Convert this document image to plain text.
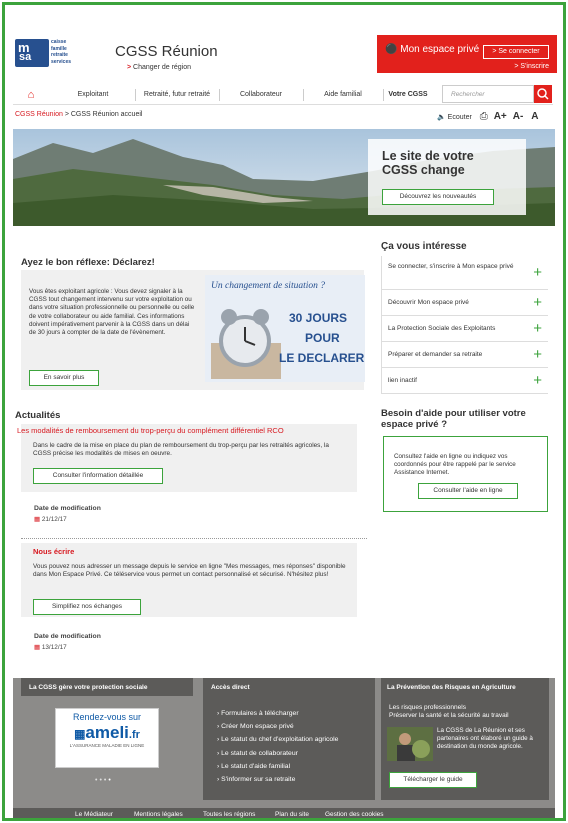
m
sa
caisse
famille
retraite
services
CGSS Réunion
> Changer de région
⚫ Mon espace privé	> Se connecter
> S'inscrire
⌂	Exploitant	Retraité, futur retraité	Collaborateur	Aide familial	Votre CGSS	Rechercher
CGSS Réunion > CGSS Réunion accueil	🔈 Ecouter ⎙ A+ A- A
Le site de votre
CGSS change
Découvrez les nouveautés
Ayez le bon réflexe: Déclarez!
Vous êtes exploitant agricole : Vous devez signaler à la CGSS tout changement intervenu sur votre exploitation ou dans votre situation professionnelle ou personnelle ou celle de votre collaborateur ou aide familial. Ces informations doivent impérativement parvenir à la CGSS dans un délai de 30 jours à compter de la date de l'évènement.
En savoir plus
Un changement de situation ?
30 JOURS
POUR
LE DECLARER
Actualités
Les modalités de remboursement du trop-perçu du complément différentiel RCO
Dans le cadre de la mise en place du plan de remboursement du trop-perçu par les retraités agricoles, la CGSS précise les modalités de mises en oeuvre.
Consulter l'information détaillée
Date de modification
▦ 21/12/17
Nous écrire
Vous pouvez nous adresser un message depuis le service en ligne "Mes messages, mes réponses" disponible dans Mon Espace Privé. Ce téléservice vous permet un contact personnalisé et sécurisé. N'hésitez plus!
Simplifiez nos échanges
Date de modification
▦ 13/12/17
Ça vous intéresse
Se connecter, s'inscrire à Mon espace privé +
Découvrir Mon espace privé	+
La Protection Sociale des Exploitants	+
Préparer et demander sa retraite	+
lien inactif	+
Besoin d'aide pour utiliser votre espace privé ?
Consultez l'aide en ligne ou indiquez vos coordonnés pour être rappelé par le service Assistance Internet.
Consulter l'aide en ligne
La CGSS gère votre protection sociale
Rendez-vous sur
▦ameli.fr
L'ASSURANCE MALADIE EN LIGNE
••••
Accès direct
› Formulaires à télécharger
› Créer Mon espace privé
› Le statut du chef d'exploitation agricole
› Le statut de collaborateur
› Le statut d'aide familial
› S'informer sur sa retraite
La Prévention des Risques en Agriculture
Les risques professionnels
Préserver la santé et la sécurité au travail
La CGSS de La Réunion et ses partenaires ont élaboré un guide à destination du monde agricole.
Télécharger le guide
Le Médiateur	Mentions légales	Toutes les régions	Plan du site Gestion des cookies
